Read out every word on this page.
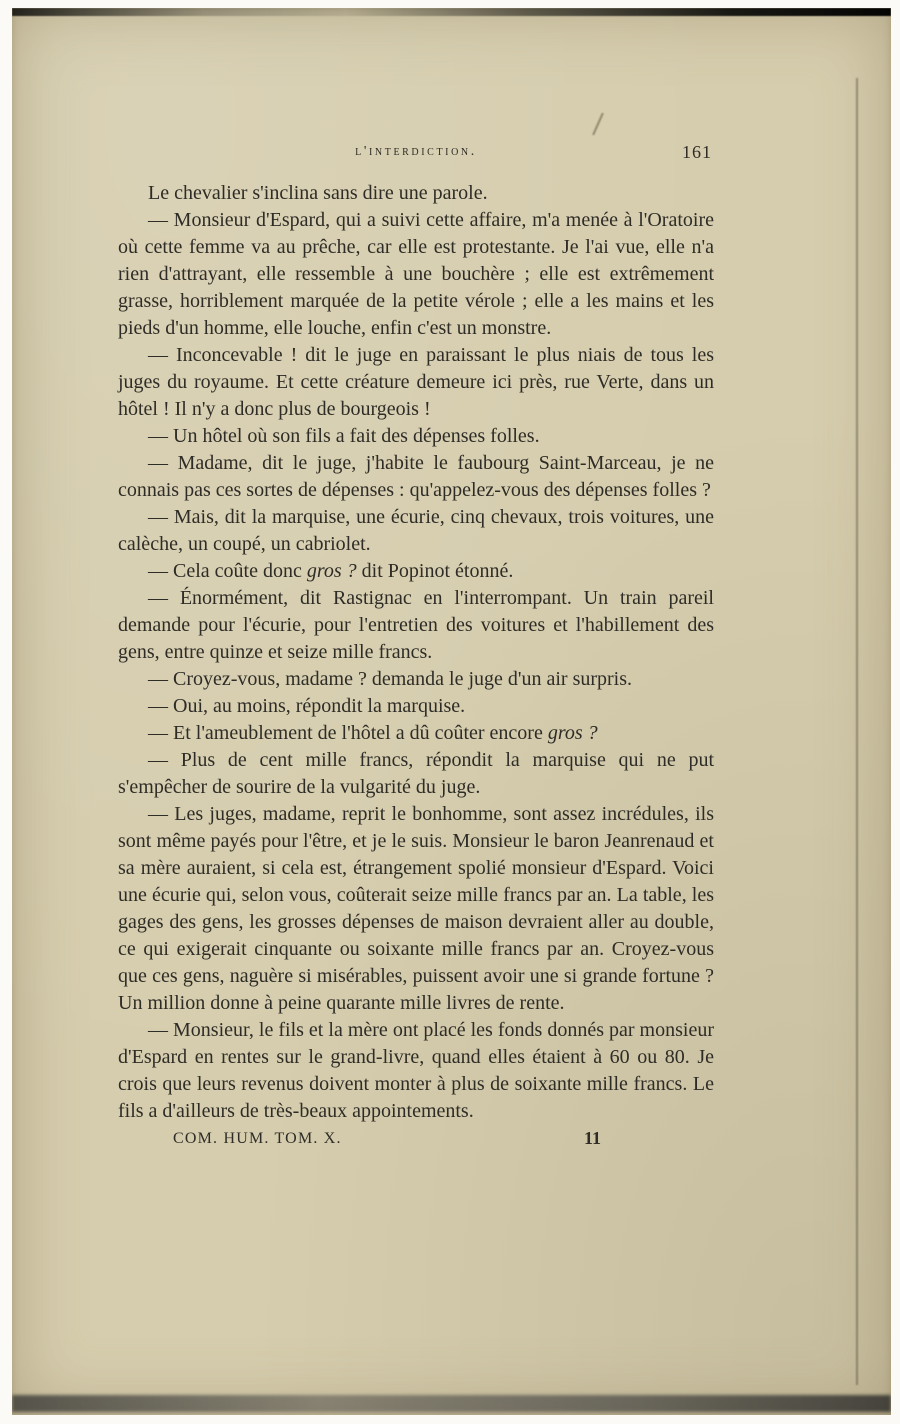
l'interdiction.	161

Le chevalier s'inclina sans dire une parole.

— Monsieur d'Espard, qui a suivi cette affaire, m'a menée à l'Oratoire où cette femme va au prêche, car elle est protestante. Je l'ai vue, elle n'a rien d'attrayant, elle ressemble à une bouchère ; elle est extrêmement grasse, horriblement marquée de la petite vérole ; elle a les mains et les pieds d'un homme, elle louche, enfin c'est un monstre.

— Inconcevable ! dit le juge en paraissant le plus niais de tous les juges du royaume. Et cette créature demeure ici près, rue Verte, dans un hôtel ! Il n'y a donc plus de bourgeois !

— Un hôtel où son fils a fait des dépenses folles.

— Madame, dit le juge, j'habite le faubourg Saint-Marceau, je ne connais pas ces sortes de dépenses : qu'appelez-vous des dépenses folles ?

— Mais, dit la marquise, une écurie, cinq chevaux, trois voitures, une calèche, un coupé, un cabriolet.

— Cela coûte donc gros ? dit Popinot étonné.

— Énormément, dit Rastignac en l'interrompant. Un train pareil demande pour l'écurie, pour l'entretien des voitures et l'habillement des gens, entre quinze et seize mille francs.

— Croyez-vous, madame ? demanda le juge d'un air surpris.

— Oui, au moins, répondit la marquise.

— Et l'ameublement de l'hôtel a dû coûter encore gros ?

— Plus de cent mille francs, répondit la marquise qui ne put s'empêcher de sourire de la vulgarité du juge.

— Les juges, madame, reprit le bonhomme, sont assez incrédules, ils sont même payés pour l'être, et je le suis. Monsieur le baron Jeanrenaud et sa mère auraient, si cela est, étrangement spolié monsieur d'Espard. Voici une écurie qui, selon vous, coûterait seize mille francs par an. La table, les gages des gens, les grosses dépenses de maison devraient aller au double, ce qui exigerait cinquante ou soixante mille francs par an. Croyez-vous que ces gens, naguère si misérables, puissent avoir une si grande fortune ? Un million donne à peine quarante mille livres de rente.

— Monsieur, le fils et la mère ont placé les fonds donnés par monsieur d'Espard en rentes sur le grand-livre, quand elles étaient à 60 ou 80. Je crois que leurs revenus doivent monter à plus de soixante mille francs. Le fils a d'ailleurs de très-beaux appointements.

COM. HUM. TOM. X.	11
